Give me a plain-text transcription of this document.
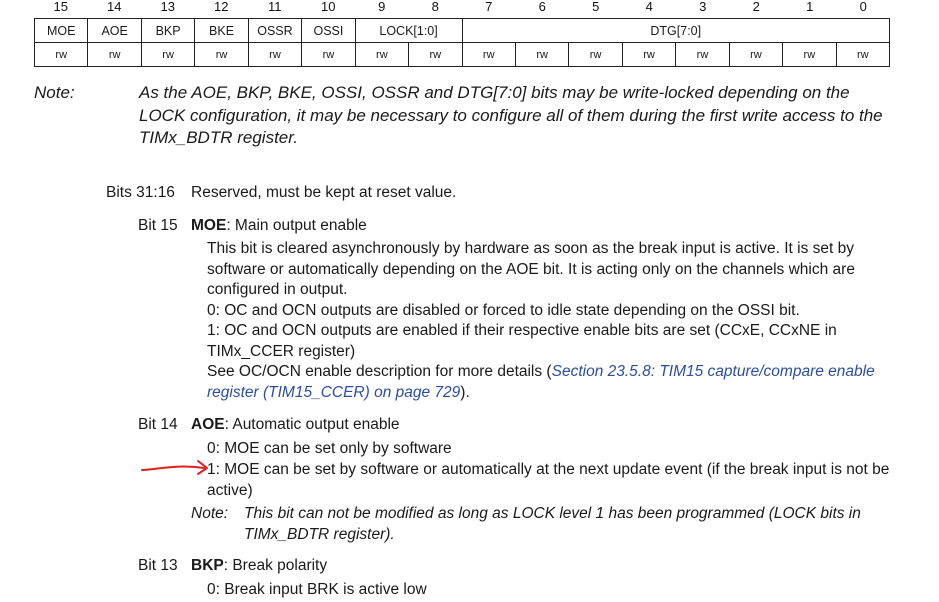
15	14	13	12	11	10	9	8	7	6	5	4	3	2	1	0
MOE	AOE	BKP	BKE	OSSR	OSSI	LOCK[1:0]		DTG[7:0]							
rw	rw	rw	rw	rw	rw	rw	rw	rw	rw	rw	rw	rw	rw	rw	rw
Note:	As the AOE, BKP, BKE, OSSI, OSSR and DTG[7:0] bits may be write-locked depending on the LOCK configuration, it may be necessary to configure all of them during the first write access to the TIMx_BDTR register.
Bits 31:16 Reserved, must be kept at reset value.
Bit 15 MOE: Main output enable
This bit is cleared asynchronously by hardware as soon as the break input is active. It is set by software or automatically depending on the AOE bit. It is acting only on the channels which are configured in output.
0: OC and OCN outputs are disabled or forced to idle state depending on the OSSI bit.
1: OC and OCN outputs are enabled if their respective enable bits are set (CCxE, CCxNE in TIMx_CCER register)
See OC/OCN enable description for more details (Section 23.5.8: TIM15 capture/compare enable register (TIM15_CCER) on page 729).
Bit 14 AOE: Automatic output enable
0: MOE can be set only by software
1: MOE can be set by software or automatically at the next update event (if the break input is not be active)
Note: This bit can not be modified as long as LOCK level 1 has been programmed (LOCK bits in TIMx_BDTR register).
Bit 13 BKP: Break polarity
0: Break input BRK is active low
